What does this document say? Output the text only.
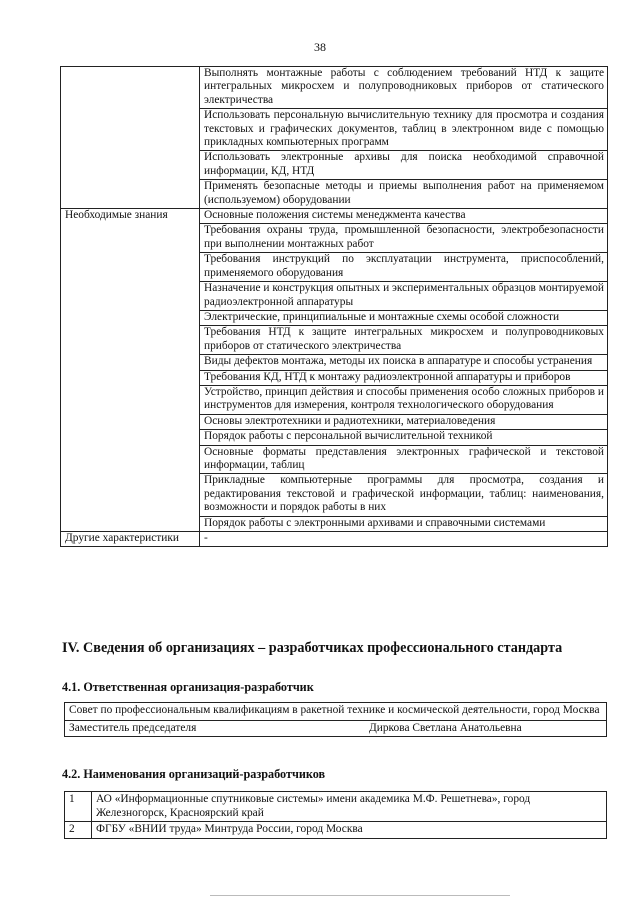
38
	Выполнять монтажные работы с соблюдением требований НТД к защите интегральных микросхем и полупроводниковых приборов от статического электричества
	Использовать персональную вычислительную технику для просмотра и создания текстовых и графических документов, таблиц в электронном виде с помощью прикладных компьютерных программ
	Использовать электронные архивы для поиска необходимой справочной информации, КД, НТД
	Применять безопасные методы и приемы выполнения работ на применяемом (используемом) оборудовании
Необходимые знания	Основные положения системы менеджмента качества
	Требования охраны труда, промышленной безопасности, электробезопасности при выполнении монтажных работ
	Требования инструкций по эксплуатации инструмента, приспособлений, применяемого оборудования
	Назначение и конструкция опытных и экспериментальных образцов монтируемой радиоэлектронной аппаратуры
	Электрические, принципиальные и монтажные схемы особой сложности
	Требования НТД к защите интегральных микросхем и полупроводниковых приборов от статического электричества
	Виды дефектов монтажа, методы их поиска в аппаратуре и способы устранения
	Требования КД, НТД к монтажу радиоэлектронной аппаратуры и приборов
	Устройство, принцип действия и способы применения особо сложных приборов и инструментов для измерения, контроля технологического оборудования
	Основы электротехники и радиотехники, материаловедения
	Порядок работы с персональной вычислительной техникой
	Основные форматы представления электронных графической и текстовой информации, таблиц
	Прикладные компьютерные программы для просмотра, создания и редактирования текстовой и графической информации, таблиц: наименования, возможности и порядок работы в них
	Порядок работы с электронными архивами и справочными системами
Другие характеристики	-
IV. Сведения об организациях – разработчиках профессионального стандарта
4.1. Ответственная организация-разработчик
Совет по профессиональным квалификациям в ракетной технике и космической деятельности, город Москва
Заместитель председателя	Диркова Светлана Анатольевна
4.2. Наименования организаций-разработчиков
1	АО «Информационные спутниковые системы» имени академика М.Ф. Решетнева», город Железногорск, Красноярский край
2	ФГБУ «ВНИИ труда» Минтруда России, город Москва
